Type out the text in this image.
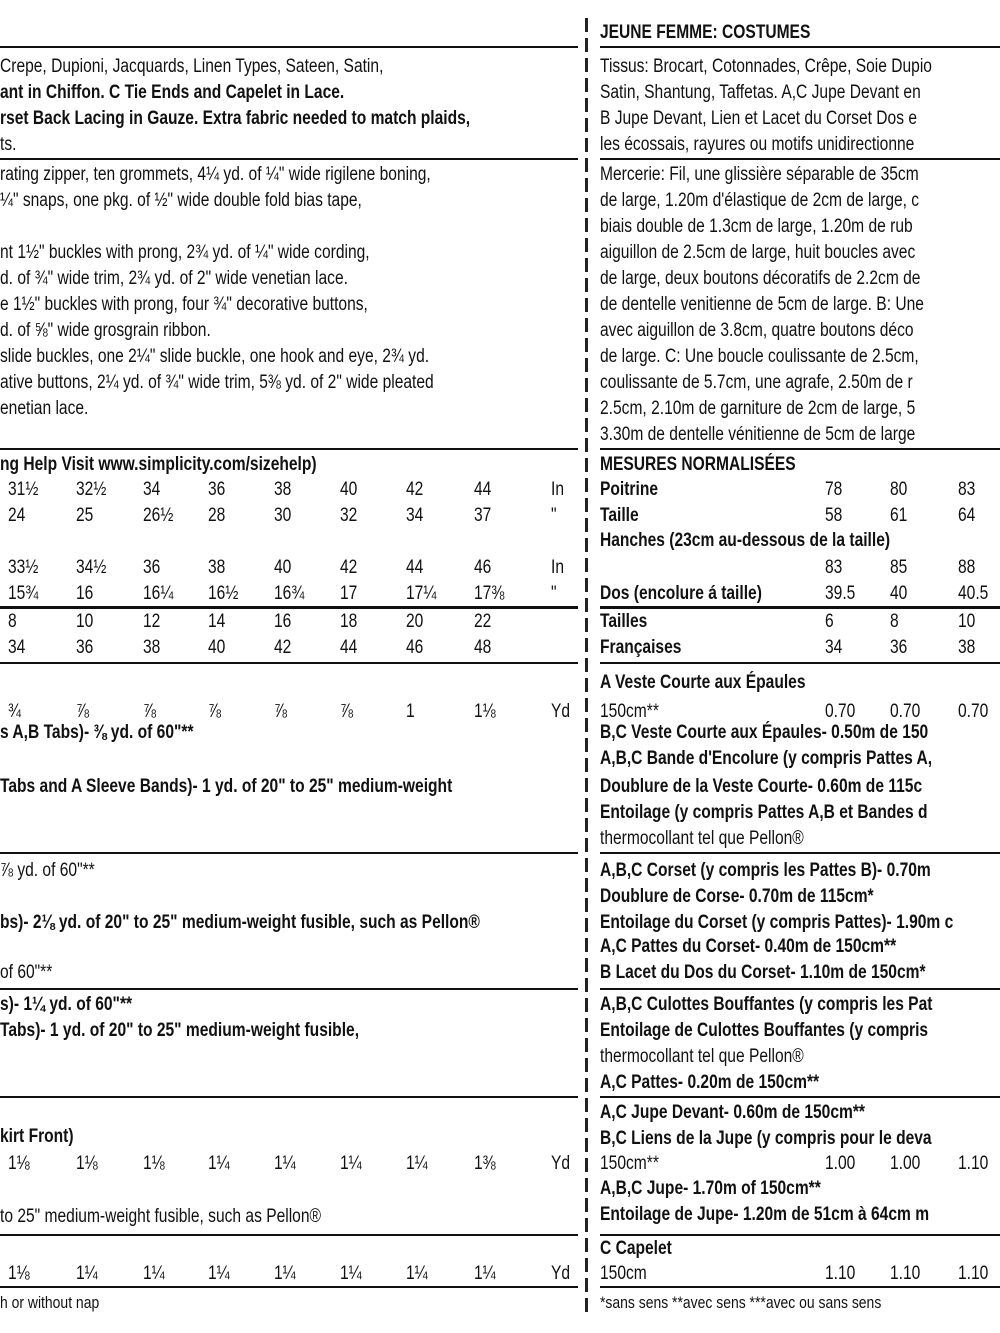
Crepe, Dupioni, Jacquards, Linen Types, Sateen, Satin,
ant in Chiffon. C Tie Ends and Capelet in Lace.
rset Back Lacing in Gauze. Extra fabric needed to match plaids,
ts.
rating zipper, ten grommets, 4¼ yd. of ¼" wide rigilene boning,
¼" snaps, one pkg. of ½" wide double fold bias tape,
nt 1½" buckles with prong, 2¾ yd. of ¼" wide cording,
d. of ¾" wide trim, 2¾ yd. of 2" wide venetian lace.
e 1½" buckles with prong, four ¾" decorative buttons,
d. of ⅝" wide grosgrain ribbon.
slide buckles, one 2¼" slide buckle, one hook and eye, 2¾ yd.
ative buttons, 2¼ yd. of ¾" wide trim, 5⅜ yd. of 2" wide pleated
enetian lace.
ng Help Visit www.simplicity.com/sizehelp)
31½ 32½ 34	36	38	40	42	44	In
24	25	26½ 28	30	32	34	37	"
33½ 34½ 36	38	40	42	44	46	In
15¾ 16	16¼ 16½ 16¾ 17	17¼ 17⅜ "
8	10	12	14	16	18	20	22
34	36	38	40	42	44	46	48
¾	⅞	⅞	⅞	⅞	⅞	1	1⅛	Yd
s A,B Tabs)- ⅜ yd. of 60"**
Tabs and A Sleeve Bands)- 1 yd. of 20" to 25" medium-weight
⅞ yd. of 60"**
bs)- 2⅛ yd. of 20" to 25" medium-weight fusible, such as Pellon®
of 60"**
s)- 1¼ yd. of 60"**
Tabs)- 1 yd. of 20" to 25" medium-weight fusible,
kirt Front)
1⅛ 1⅛ 1⅛ 1¼ 1¼ 1¼ 1¼ 1⅜	Yd
to 25" medium-weight fusible, such as Pellon®
1⅛ 1¼ 1¼ 1¼ 1¼ 1¼ 1¼ 1¼	Yd
h or without nap
JEUNE FEMME: COSTUMES
Tissus: Brocart, Cotonnades, Crêpe, Soie Dupio
Satin, Shantung, Taffetas. A,C Jupe Devant en
B Jupe Devant, Lien et Lacet du Corset Dos e
les écossais, rayures ou motifs unidirectionne
Mercerie: Fil, une glissière séparable de 35cm
de large, 1.20m d'élastique de 2cm de large, c
biais double de 1.3cm de large, 1.20m de rub
aiguillon de 2.5cm de large, huit boucles avec
de large, deux boutons décoratifs de 2.2cm de
de dentelle venitienne de 5cm de large. B: Une
avec aiguillon de 3.8cm, quatre boutons déco
de large. C: Une boucle coulissante de 2.5cm,
coulissante de 5.7cm, une agrafe, 2.50m de r
2.5cm, 2.10m de garniture de 2cm de large, 5
3.30m de dentelle vénitienne de 5cm de large
MESURES NORMALISÉES
Poitrine	78	80	83
Taille	58	61	64
Hanches (23cm au-dessous de la taille)
83	85	88
Dos (encolure á taille)	39.5 40	40.5
Tailles	6	8	10
Françaises	34	36	38
A Veste Courte aux Épaules
150cm**	0.70 0.70 0.70
B,C Veste Courte aux Épaules- 0.50m de 150
A,B,C Bande d'Encolure (y compris Pattes A,
Doublure de la Veste Courte- 0.60m de 115c
Entoilage (y compris Pattes A,B et Bandes d
thermocollant tel que Pellon®
A,B,C Corset (y compris les Pattes B)- 0.70m
Doublure de Corse- 0.70m de 115cm*
Entoilage du Corset (y compris Pattes)- 1.90m c
A,C Pattes du Corset- 0.40m de 150cm**
B Lacet du Dos du Corset- 1.10m de 150cm*
A,B,C Culottes Bouffantes (y compris les Pat
Entoilage de Culottes Bouffantes (y compris
thermocollant tel que Pellon®
A,C Pattes- 0.20m de 150cm**
A,C Jupe Devant- 0.60m de 150cm**
B,C Liens de la Jupe (y compris pour le deva
150cm**	1.00 1.00 1.10
A,B,C Jupe- 1.70m of 150cm**
Entoilage de Jupe- 1.20m de 51cm à 64cm m
C Capelet
150cm	1.10 1.10 1.10
*sans sens **avec sens ***avec ou sans sens
